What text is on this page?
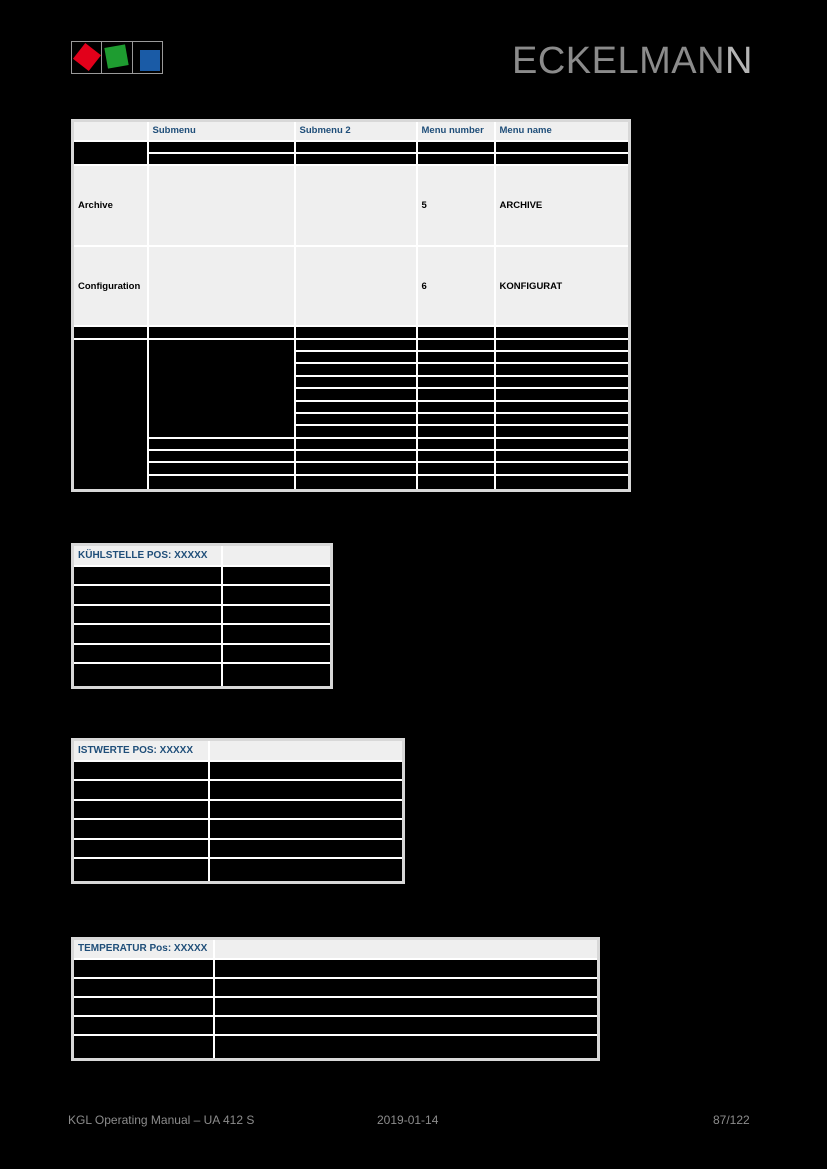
ECKELMANN
	Submenu	Submenu 2	Menu number	Menu name

Archive			5	ARCHIVE
Configuration			6	KONFIGURAT

KÜHLSTELLE POS: XXXXX	

ISTWERTE POS: XXXXX	

TEMPERATUR Pos: XXXXX	

KGL Operating Manual – UA 412 S	2019-01-14	87/122
